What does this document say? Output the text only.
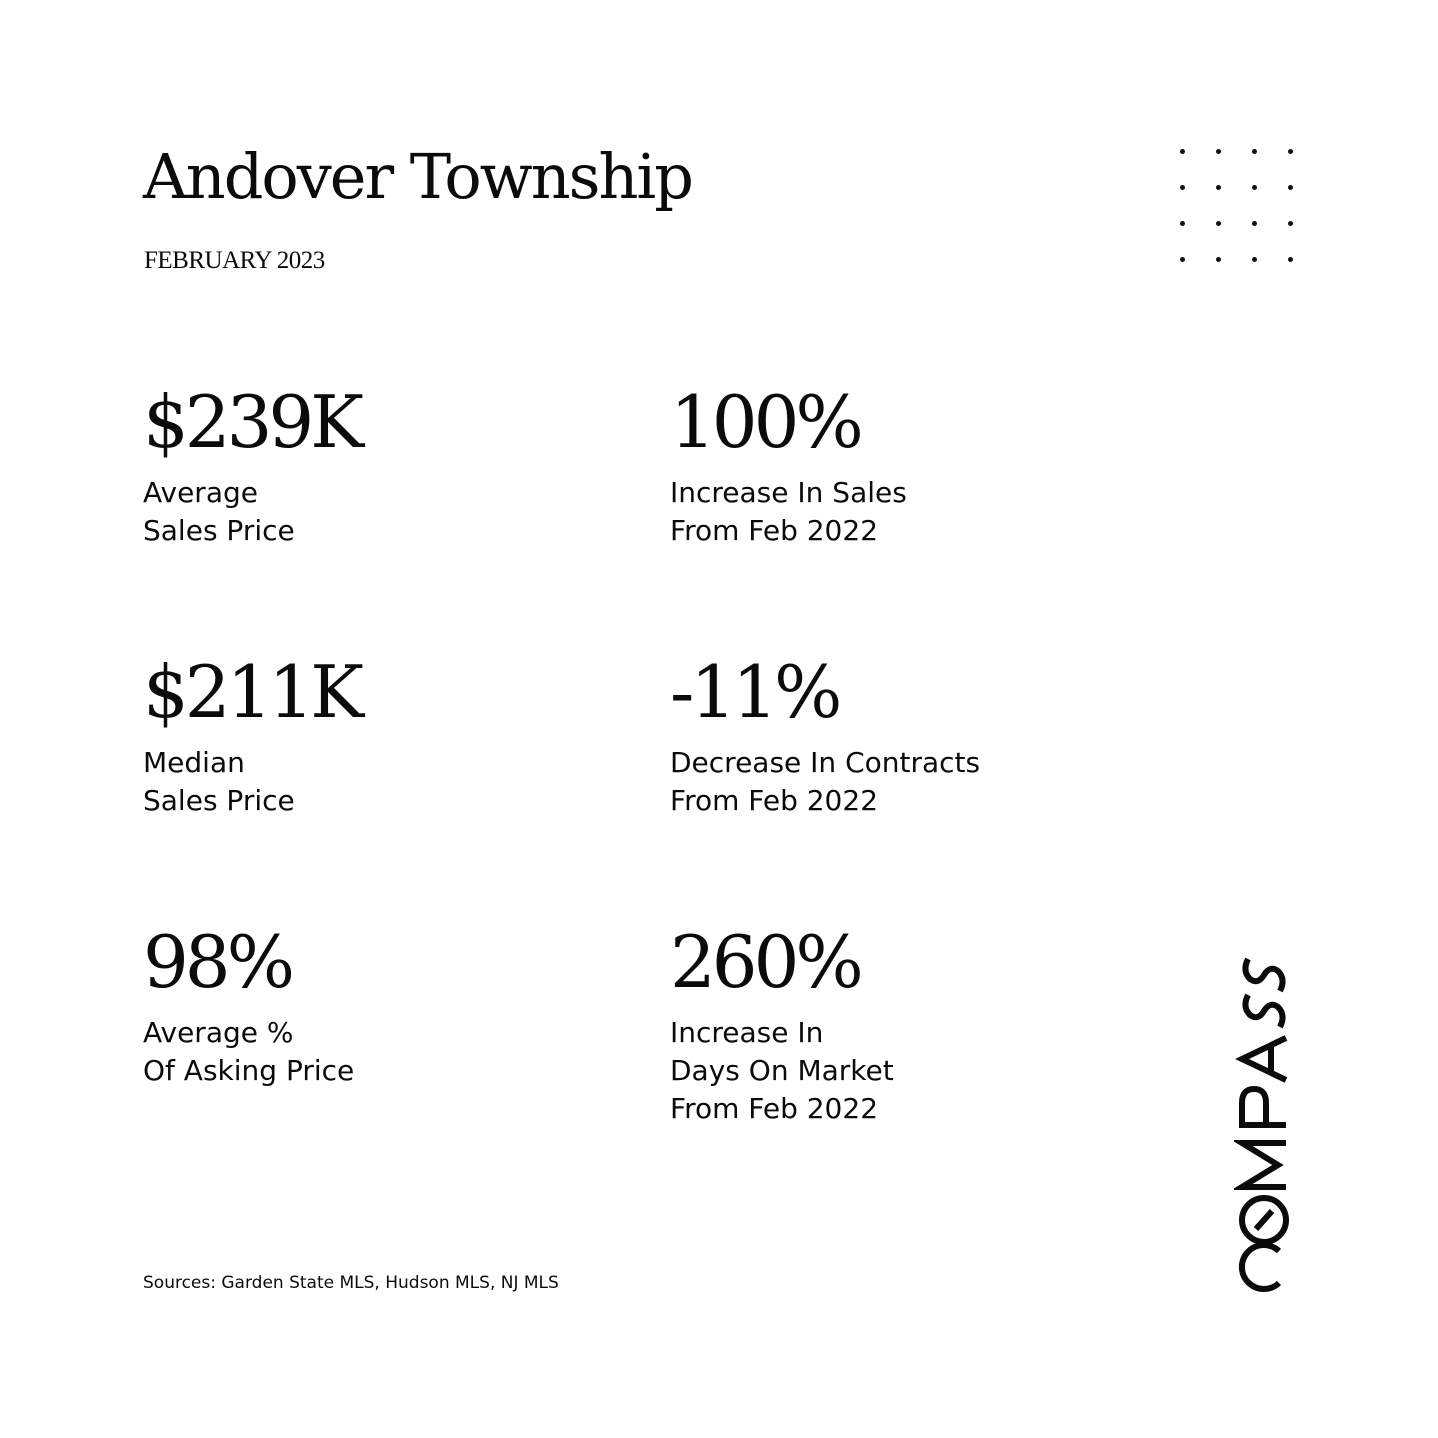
Andover Township
FEBRUARY 2023
$239K
Average
Sales Price
100%
Increase In Sales
From Feb 2022
$211K
Median
Sales Price
-11%
Decrease In Contracts
From Feb 2022
98%
Average %
Of Asking Price
260%
Increase In
Days On Market
From Feb 2022
Sources: Garden State MLS, Hudson MLS, NJ MLS
